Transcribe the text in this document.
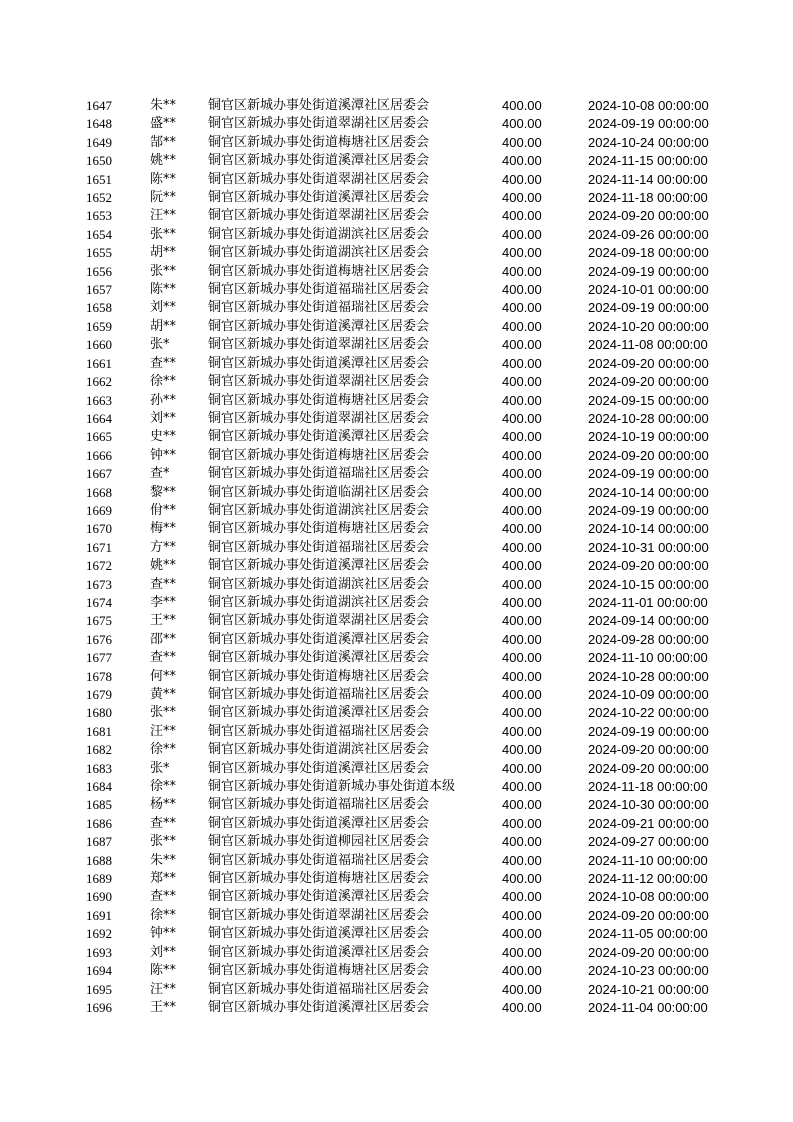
1647	朱**	铜官区新城办事处街道溪潭社区居委会	400.00	2024-10-08 00:00:00
1648	盛**	铜官区新城办事处街道翠湖社区居委会	400.00	2024-09-19 00:00:00
1649	郜**	铜官区新城办事处街道梅塘社区居委会	400.00	2024-10-24 00:00:00
1650	姚**	铜官区新城办事处街道溪潭社区居委会	400.00	2024-11-15 00:00:00
1651	陈**	铜官区新城办事处街道翠湖社区居委会	400.00	2024-11-14 00:00:00
1652	阮**	铜官区新城办事处街道溪潭社区居委会	400.00	2024-11-18 00:00:00
1653	汪**	铜官区新城办事处街道翠湖社区居委会	400.00	2024-09-20 00:00:00
1654	张**	铜官区新城办事处街道湖滨社区居委会	400.00	2024-09-26 00:00:00
1655	胡**	铜官区新城办事处街道湖滨社区居委会	400.00	2024-09-18 00:00:00
1656	张**	铜官区新城办事处街道梅塘社区居委会	400.00	2024-09-19 00:00:00
1657	陈**	铜官区新城办事处街道福瑞社区居委会	400.00	2024-10-01 00:00:00
1658	刘**	铜官区新城办事处街道福瑞社区居委会	400.00	2024-09-19 00:00:00
1659	胡**	铜官区新城办事处街道溪潭社区居委会	400.00	2024-10-20 00:00:00
1660	张*	铜官区新城办事处街道翠湖社区居委会	400.00	2024-11-08 00:00:00
1661	查**	铜官区新城办事处街道溪潭社区居委会	400.00	2024-09-20 00:00:00
1662	徐**	铜官区新城办事处街道翠湖社区居委会	400.00	2024-09-20 00:00:00
1663	孙**	铜官区新城办事处街道梅塘社区居委会	400.00	2024-09-15 00:00:00
1664	刘**	铜官区新城办事处街道翠湖社区居委会	400.00	2024-10-28 00:00:00
1665	史**	铜官区新城办事处街道溪潭社区居委会	400.00	2024-10-19 00:00:00
1666	钟**	铜官区新城办事处街道梅塘社区居委会	400.00	2024-09-20 00:00:00
1667	查*	铜官区新城办事处街道福瑞社区居委会	400.00	2024-09-19 00:00:00
1668	黎**	铜官区新城办事处街道临湖社区居委会	400.00	2024-10-14 00:00:00
1669	佾**	铜官区新城办事处街道湖滨社区居委会	400.00	2024-09-19 00:00:00
1670	梅**	铜官区新城办事处街道梅塘社区居委会	400.00	2024-10-14 00:00:00
1671	方**	铜官区新城办事处街道福瑞社区居委会	400.00	2024-10-31 00:00:00
1672	姚**	铜官区新城办事处街道溪潭社区居委会	400.00	2024-09-20 00:00:00
1673	查**	铜官区新城办事处街道湖滨社区居委会	400.00	2024-10-15 00:00:00
1674	李**	铜官区新城办事处街道湖滨社区居委会	400.00	2024-11-01 00:00:00
1675	王**	铜官区新城办事处街道翠湖社区居委会	400.00	2024-09-14 00:00:00
1676	邵**	铜官区新城办事处街道溪潭社区居委会	400.00	2024-09-28 00:00:00
1677	查**	铜官区新城办事处街道溪潭社区居委会	400.00	2024-11-10 00:00:00
1678	何**	铜官区新城办事处街道梅塘社区居委会	400.00	2024-10-28 00:00:00
1679	黄**	铜官区新城办事处街道福瑞社区居委会	400.00	2024-10-09 00:00:00
1680	张**	铜官区新城办事处街道溪潭社区居委会	400.00	2024-10-22 00:00:00
1681	汪**	铜官区新城办事处街道福瑞社区居委会	400.00	2024-09-19 00:00:00
1682	徐**	铜官区新城办事处街道湖滨社区居委会	400.00	2024-09-20 00:00:00
1683	张*	铜官区新城办事处街道溪潭社区居委会	400.00	2024-09-20 00:00:00
1684	徐**	铜官区新城办事处街道新城办事处街道本级	400.00	2024-11-18 00:00:00
1685	杨**	铜官区新城办事处街道福瑞社区居委会	400.00	2024-10-30 00:00:00
1686	查**	铜官区新城办事处街道溪潭社区居委会	400.00	2024-09-21 00:00:00
1687	张**	铜官区新城办事处街道柳园社区居委会	400.00	2024-09-27 00:00:00
1688	朱**	铜官区新城办事处街道福瑞社区居委会	400.00	2024-11-10 00:00:00
1689	郑**	铜官区新城办事处街道梅塘社区居委会	400.00	2024-11-12 00:00:00
1690	查**	铜官区新城办事处街道溪潭社区居委会	400.00	2024-10-08 00:00:00
1691	徐**	铜官区新城办事处街道翠湖社区居委会	400.00	2024-09-20 00:00:00
1692	钟**	铜官区新城办事处街道溪潭社区居委会	400.00	2024-11-05 00:00:00
1693	刘**	铜官区新城办事处街道溪潭社区居委会	400.00	2024-09-20 00:00:00
1694	陈**	铜官区新城办事处街道梅塘社区居委会	400.00	2024-10-23 00:00:00
1695	汪**	铜官区新城办事处街道福瑞社区居委会	400.00	2024-10-21 00:00:00
1696	王**	铜官区新城办事处街道溪潭社区居委会	400.00	2024-11-04 00:00:00
